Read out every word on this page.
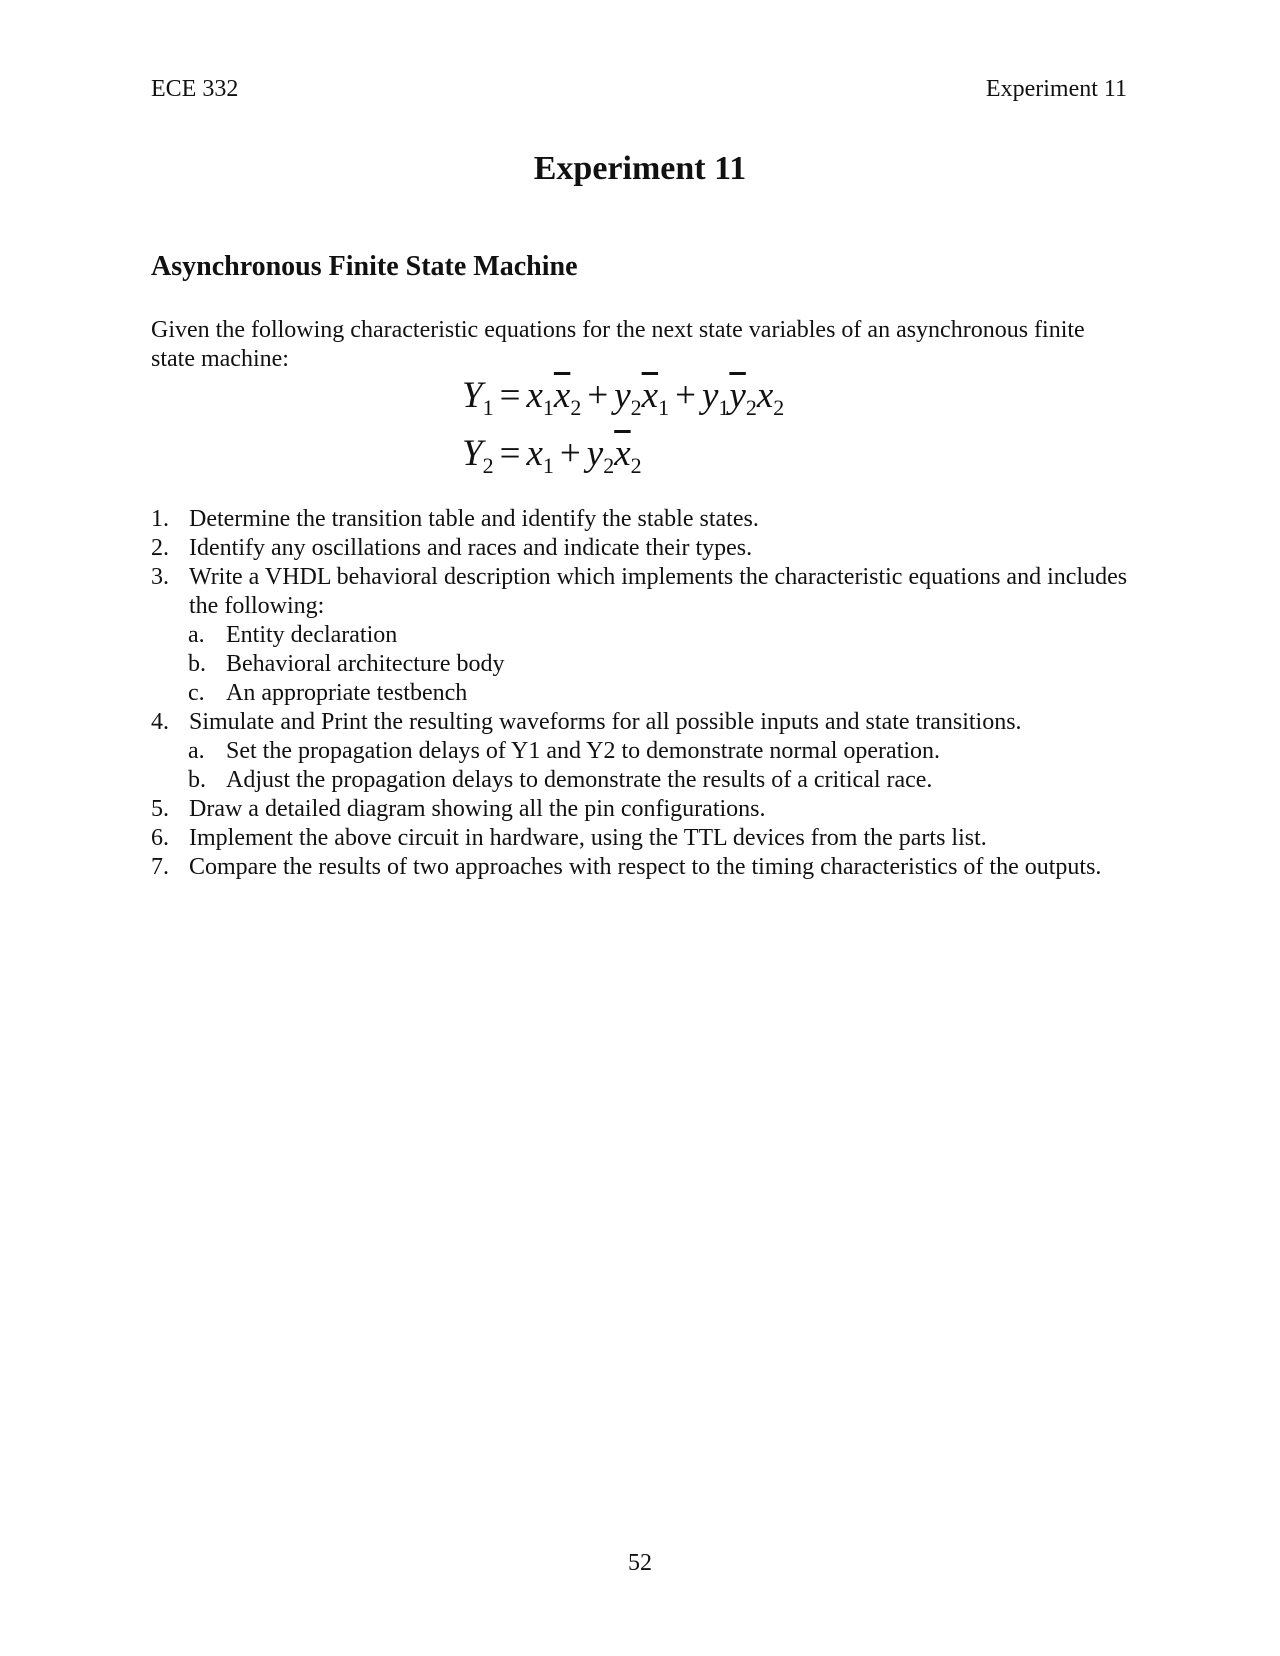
ECE 332	Experiment 11
Experiment 11
Asynchronous Finite State Machine
Given the following characteristic equations for the next state variables of an asynchronous finite state machine:
$Y_1 = x_1\overline{x}_2 + y_2\overline{x}_1 + y_1\overline{y}_2x_2$
$Y_2 = x_1 + y_2\overline{x}_2$
1. Determine the transition table and identify the stable states.
2. Identify any oscillations and races and indicate their types.
3. Write a VHDL behavioral description which implements the characteristic equations and includes the following:
a. Entity declaration
b. Behavioral architecture body
c. An appropriate testbench
4. Simulate and Print the resulting waveforms for all possible inputs and state transitions.
a. Set the propagation delays of Y1 and Y2 to demonstrate normal operation.
b. Adjust the propagation delays to demonstrate the results of a critical race.
5. Draw a detailed diagram showing all the pin configurations.
6. Implement the above circuit in hardware, using the TTL devices from the parts list.
7. Compare the results of two approaches with respect to the timing characteristics of the outputs.
52
